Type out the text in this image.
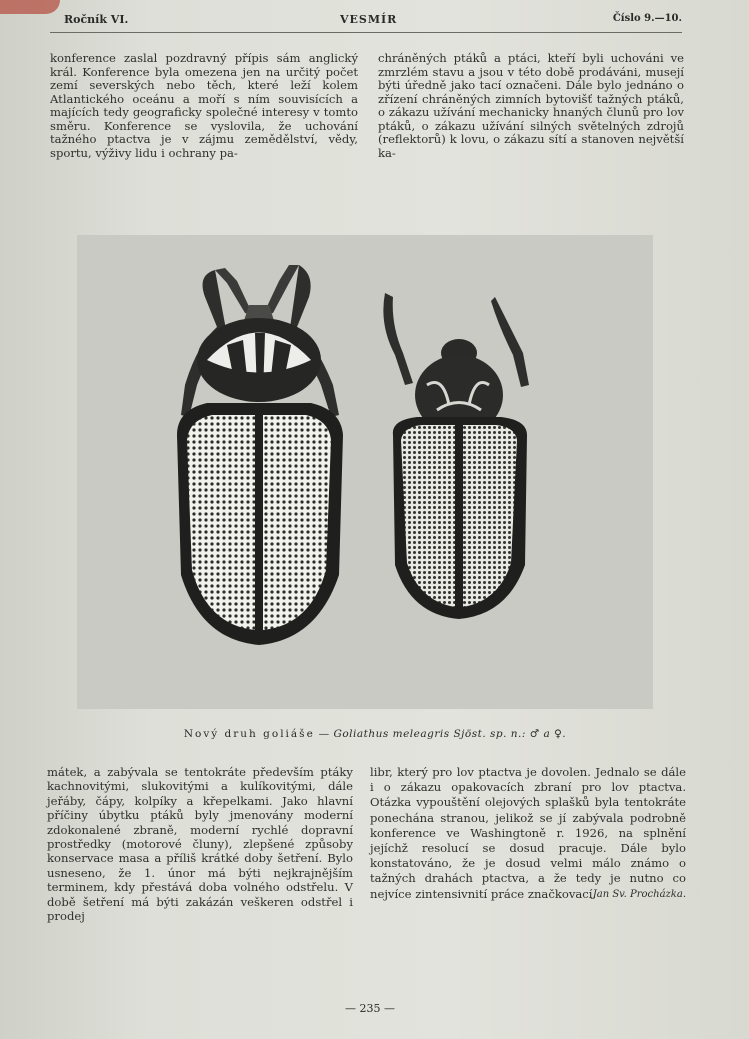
Ročník VI.	VESMÍR	Číslo 9.—10.

konference zaslal pozdravný přípis sám anglický král. Konference byla omezena jen na určitý počet zemí severských nebo těch, které leží kolem Atlantického oceánu a moří s ním souvisících a majících tedy geograficky společné interesy v tomto směru. Konference se vyslovila, že uchování tažného ptactva je v zájmu zemědělství, vědy, sportu, výživy lidu i ochrany pa-

chráněných ptáků a ptáci, kteří byli uchováni ve zmrzlém stavu a jsou v této době prodáváni, musejí býti úředně jako tací označeni. Dále bylo jednáno o zřízení chráněných zimních bytovišť tažných ptáků, o zákazu užívání mechanicky hnaných člunů pro lov ptáků, o zákazu užívání silných světelných zdrojů (reflektorů) k lovu, o zákazu sítí a stanoven největší ka-

Nový druh goliáše — Goliathus meleagris Sjöst. sp. n.: ♂ a ♀.

mátek, a zabývala se tentokráte především ptáky kachnovitými, slukovitými a kulíkovitými, dále jeřáby, čápy, kolpíky a křepelkami. Jako hlavní příčiny úbytku ptáků byly jmenovány moderní zdokonalené zbraně, moderní rychlé dopravní prostředky (motorové čluny), zlepšené způsoby konservace masa a příliš krátké doby šetření. Bylo usneseno, že 1. únor má býti nejkrajnějším terminem, kdy přestává doba volného odstřelu. V době šetření má býti zakázán veškeren odstřel i prodej

libr, který pro lov ptactva je dovolen. Jednalo se dále i o zákazu opakovacích zbraní pro lov ptactva. Otázka vypouštění olejových splašků byla tentokráte ponechána stranou, jelikož se jí zabývala podrobně konference ve Washingtoně r. 1926, na splnění jejíchž resolucí se dosud pracuje. Dále bylo konstatováno, že je dosud velmi málo známo o tažných drahách ptactva, a že tedy je nutno co nejvíce zintensivnití práce značkovací.
Jan Sv. Procházka.
— 235 —
